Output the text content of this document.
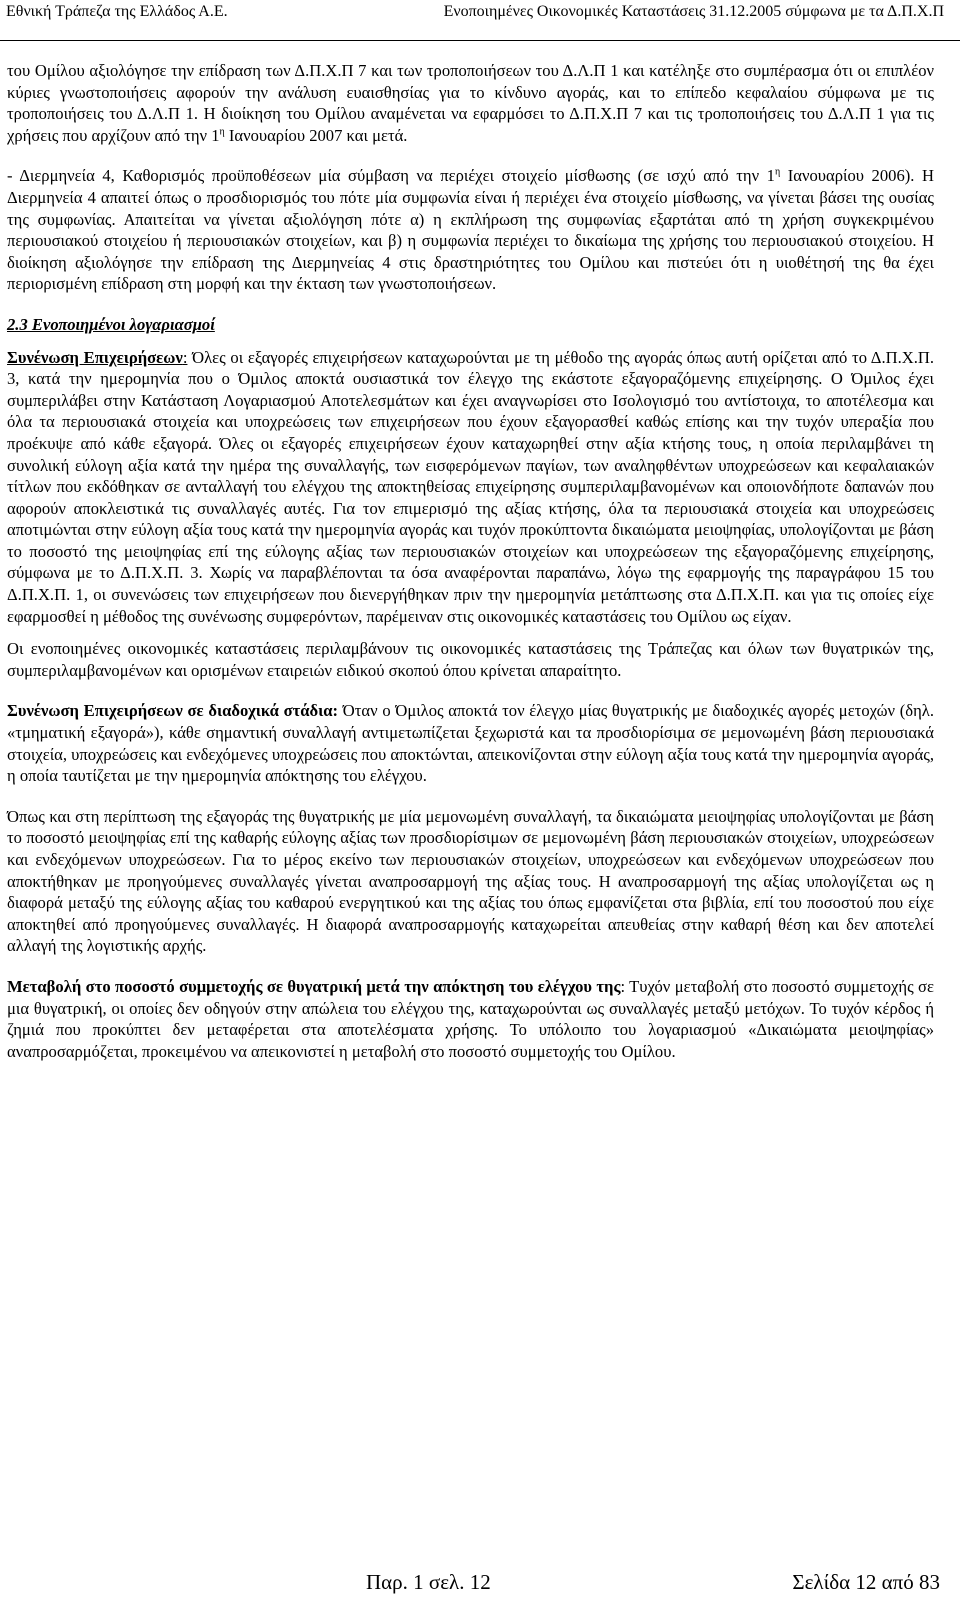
Εθνική Τράπεζα της Ελλάδος Α.Ε.	Ενοποιημένες Οικονομικές Καταστάσεις 31.12.2005 σύμφωνα με τα Δ.Π.Χ.Π

του Ομίλου αξιολόγησε την επίδραση των Δ.Π.Χ.Π 7 και των τροποποιήσεων του Δ.Λ.Π 1 και κατέληξε στο συμπέρασμα ότι οι επιπλέον κύριες γνωστοποιήσεις αφορούν την ανάλυση ευαισθησίας για το κίνδυνο αγοράς, και το επίπεδο κεφαλαίου σύμφωνα με τις τροποποιήσεις του Δ.Λ.Π 1. Η διοίκηση του Ομίλου αναμένεται να εφαρμόσει το Δ.Π.Χ.Π 7 και τις τροποποιήσεις του Δ.Λ.Π 1 για τις χρήσεις που αρχίζουν από την $1^\eta$ Ιανουαρίου 2007 και μετά.

- Διερμηνεία 4, Καθορισμός προϋποθέσεων μία σύμβαση να περιέχει στοιχείο μίσθωσης (σε ισχύ από την $1^\eta$ Ιανουαρίου 2006). Η Διερμηνεία 4 απαιτεί όπως ο προσδιορισμός του πότε μία συμφωνία είναι ή περιέχει ένα στοιχείο μίσθωσης, να γίνεται βάσει της ουσίας της συμφωνίας. Απαιτείται να γίνεται αξιολόγηση πότε α) η εκπλήρωση της συμφωνίας εξαρτάται από τη χρήση συγκεκριμένου περιουσιακού στοιχείου ή περιουσιακών στοιχείων, και β) η συμφωνία περιέχει το δικαίωμα της χρήσης του περιουσιακού στοιχείου. Η διοίκηση αξιολόγησε την επίδραση της Διερμηνείας 4 στις δραστηριότητες του Ομίλου και πιστεύει ότι η υιοθέτησή της θα έχει περιορισμένη επίδραση στη μορφή και την έκταση των γνωστοποιήσεων.

2.3 Ενοποιημένοι λογαριασμοί

Συνένωση Επιχειρήσεων: Όλες οι εξαγορές επιχειρήσεων καταχωρούνται με τη μέθοδο της αγοράς όπως αυτή ορίζεται από το Δ.Π.Χ.Π. 3, κατά την ημερομηνία που ο Όμιλος αποκτά ουσιαστικά τον έλεγχο της εκάστοτε εξαγοραζόμενης επιχείρησης. Ο Όμιλος έχει συμπεριλάβει στην Κατάσταση Λογαριασμού Αποτελεσμάτων και έχει αναγνωρίσει στο Ισολογισμό του αντίστοιχα, το αποτέλεσμα και όλα τα περιουσιακά στοιχεία και υποχρεώσεις των επιχειρήσεων που έχουν εξαγορασθεί καθώς επίσης και την τυχόν υπεραξία που προέκυψε από κάθε εξαγορά. Όλες οι εξαγορές επιχειρήσεων έχουν καταχωρηθεί στην αξία κτήσης τους, η οποία περιλαμβάνει τη συνολική εύλογη αξία κατά την ημέρα της συναλλαγής, των εισφερόμενων παγίων, των αναληφθέντων υποχρεώσεων και κεφαλαιακών τίτλων που εκδόθηκαν σε ανταλλαγή του ελέγχου της αποκτηθείσας επιχείρησης συμπεριλαμβανομένων και οποιονδήποτε δαπανών που αφορούν αποκλειστικά τις συναλλαγές αυτές. Για τον επιμερισμό της αξίας κτήσης, όλα τα περιουσιακά στοιχεία και υποχρεώσεις αποτιμώνται στην εύλογη αξία τους κατά την ημερομηνία αγοράς και τυχόν προκύπτοντα δικαιώματα μειοψηφίας, υπολογίζονται με βάση το ποσοστό της μειοψηφίας επί της εύλογης αξίας των περιουσιακών στοιχείων και υποχρεώσεων της εξαγοραζόμενης επιχείρησης, σύμφωνα με το Δ.Π.Χ.Π. 3. Χωρίς να παραβλέπονται τα όσα αναφέρονται παραπάνω, λόγω της εφαρμογής της παραγράφου 15 του Δ.Π.Χ.Π. 1, οι συνενώσεις των επιχειρήσεων που διενεργήθηκαν πριν την ημερομηνία μετάπτωσης στα Δ.Π.Χ.Π. και για τις οποίες είχε εφαρμοσθεί η μέθοδος της συνένωσης συμφερόντων, παρέμειναν στις οικονομικές καταστάσεις του Ομίλου ως είχαν.

Οι ενοποιημένες οικονομικές καταστάσεις περιλαμβάνουν τις οικονομικές καταστάσεις της Τράπεζας και όλων των θυγατρικών της, συμπεριλαμβανομένων και ορισμένων εταιρειών ειδικού σκοπού όπου κρίνεται απαραίτητο.

Συνένωση Επιχειρήσεων σε διαδοχικά στάδια: Όταν ο Όμιλος αποκτά τον έλεγχο μίας θυγατρικής με διαδοχικές αγορές μετοχών (δηλ. «τμηματική εξαγορά»), κάθε σημαντική συναλλαγή αντιμετωπίζεται ξεχωριστά και τα προσδιορίσιμα σε μεμονωμένη βάση περιουσιακά στοιχεία, υποχρεώσεις και ενδεχόμενες υποχρεώσεις που αποκτώνται, απεικονίζονται στην εύλογη αξία τους κατά την ημερομηνία αγοράς, η οποία ταυτίζεται με την ημερομηνία απόκτησης του ελέγχου.

Όπως και στη περίπτωση της εξαγοράς της θυγατρικής με μία μεμονωμένη συναλλαγή, τα δικαιώματα μειοψηφίας υπολογίζονται με βάση το ποσοστό μειοψηφίας επί της καθαρής εύλογης αξίας των προσδιορίσιμων σε μεμονωμένη βάση περιουσιακών στοιχείων, υποχρεώσεων και ενδεχόμενων υποχρεώσεων. Για το μέρος εκείνο των περιουσιακών στοιχείων, υποχρεώσεων και ενδεχόμενων υποχρεώσεων που αποκτήθηκαν με προηγούμενες συναλλαγές γίνεται αναπροσαρμογή της αξίας τους. Η αναπροσαρμογή της αξίας υπολογίζεται ως η διαφορά μεταξύ της εύλογης αξίας του καθαρού ενεργητικού και της αξίας του όπως εμφανίζεται στα βιβλία, επί του ποσοστού που είχε αποκτηθεί από προηγούμενες συναλλαγές. Η διαφορά αναπροσαρμογής καταχωρείται απευθείας στην καθαρή θέση και δεν αποτελεί αλλαγή της λογιστικής αρχής.

Μεταβολή στο ποσοστό συμμετοχής σε θυγατρική μετά την απόκτηση του ελέγχου της: Τυχόν μεταβολή στο ποσοστό συμμετοχής σε μια θυγατρική, οι οποίες δεν οδηγούν στην απώλεια του ελέγχου της, καταχωρούνται ως συναλλαγές μεταξύ μετόχων. Το τυχόν κέρδος ή ζημιά που προκύπτει δεν μεταφέρεται στα αποτελέσματα χρήσης. Το υπόλοιπο του λογαριασμού «Δικαιώματα μειοψηφίας» αναπροσαρμόζεται, προκειμένου να απεικονιστεί η μεταβολή στο ποσοστό συμμετοχής του Ομίλου.

Παρ. 1 σελ. 12	Σελίδα 12 από 83
